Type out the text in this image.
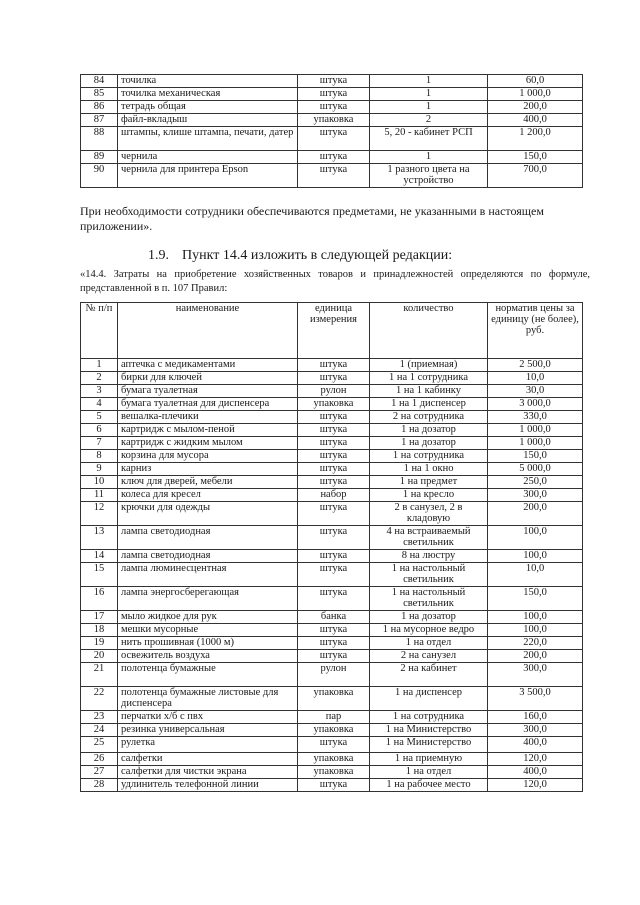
84	точилка	штука	1	60,0
85	точилка механическая	штука	1	1 000,0
86	тетрадь общая	штука	1	200,0
87	файл-вкладыш	упаковка	2	400,0
88	штампы, клише штампа, печати, датер	штука	5, 20 - кабинет РСП	1 200,0
89	чернила	штука	1	150,0
90	чернила для принтера Epson	штука	1 разного цвета на устройство	700,0
При необходимости сотрудники обеспечиваются предметами, не указанными в настоящем приложении».
1.9. Пункт 14.4 изложить в следующей редакции:
«14.4. Затраты на приобретение хозяйственных товаров и принадлежностей определяются по формуле, представленной в п. 107 Правил:
№ п/п	наименование	единица измерения	количество	норматив цены за единицу (не более), руб.
1	аптечка с медикаментами	штука	1 (приемная)	2 500,0
2	бирки для ключей	штука	1 на 1 сотрудника	10,0
3	бумага туалетная	рулон	1 на 1 кабинку	30,0
4	бумага туалетная для диспенсера	упаковка	1 на 1 диспенсер	3 000,0
5	вешалка-плечики	штука	2 на сотрудника	330,0
6	картридж с мылом-пеной	штука	1 на дозатор	1 000,0
7	картридж с жидким мылом	штука	1 на дозатор	1 000,0
8	корзина для мусора	штука	1 на сотрудника	150,0
9	карниз	штука	1 на 1 окно	5 000,0
10	ключ для дверей, мебели	штука	1 на предмет	250,0
11	колеса для кресел	набор	1 на кресло	300,0
12	крючки для одежды	штука	2 в санузел, 2 в кладовую	200,0
13	лампа светодиодная	штука	4 на встраиваемый светильник	100,0
14	лампа светодиодная	штука	8 на люстру	100,0
15	лампа люминесцентная	штука	1 на настольный светильник	10,0
16	лампа энергосберегающая	штука	1 на настольный светильник	150,0
17	мыло жидкое для рук	банка	1 на дозатор	100,0
18	мешки мусорные	штука	1 на мусорное ведро	100,0
19	нить прошивная (1000 м)	штука	1 на отдел	220,0
20	освежитель воздуха	штука	2 на санузел	200,0
21	полотенца бумажные	рулон	2 на кабинет	300,0
22	полотенца бумажные листовые для диспенсера	упаковка	1 на диспенсер	3 500,0
23	перчатки х/б с пвх	пар	1 на сотрудника	160,0
24	резинка универсальная	упаковка	1 на Министерство	300,0
25	рулетка	штука	1 на Министерство	400,0
26	салфетки	упаковка	1 на приемную	120,0
27	салфетки для чистки экрана	упаковка	1 на отдел	400,0
28	удлинитель телефонной линии	штука	1 на рабочее место	120,0
